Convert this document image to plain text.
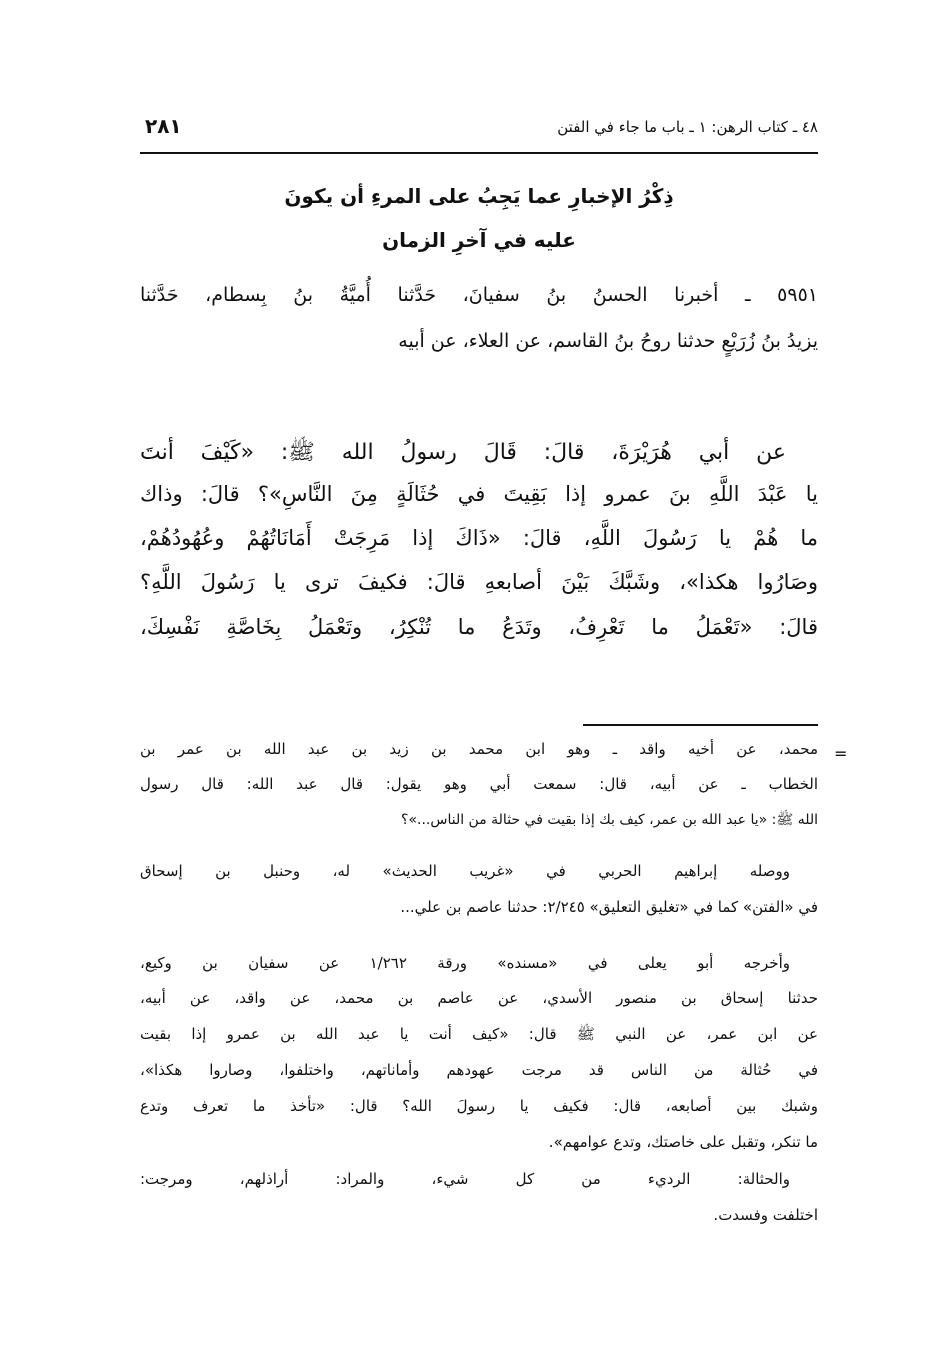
٤٨ ـ كتاب الرهن: ١ ـ باب ما جاء في الفتن
٢٨١
ذِكْرُ الإخبارِ عما يَجِبُ على المرءِ أن يكونَ
عليه في آخرِ الزمان
٥٩٥١ ـ أخبرنا الحسنُ بنُ سفيانَ، حَدَّثنا أُميَّةُ بنُ بِسطام، حَدَّثنا
يزيدُ بنُ زُرَيْعٍ حدثنا روحُ بنُ القاسم، عن العلاء، عن أبيه
عن أبي هُرَيْرَةَ، قالَ: قَالَ رسولُ الله ﷺ: «كَيْفَ أنتَ
يا عَبْدَ اللَّهِ بنَ عمرو إذا بَقِيتَ في حُثَالَةٍ مِنَ النَّاسِ»؟ قالَ: وذاك
ما هُمْ يا رَسُولَ اللَّهِ، قالَ: «ذَاكَ إذا مَرِجَتْ أَمَانَاتُهُمْ وعُهُودُهُمْ،
وصَارُوا هكذا»، وشَبَّكَ بَيْنَ أصابعهِ قالَ: فكيفَ ترى يا رَسُولَ اللَّهِ؟
قالَ: «تَعْمَلُ ما تَعْرِفُ، وتَدَعُ ما تُنْكِرُ، وتَعْمَلُ بِخَاصَّةِ نَفْسِكَ،
=
محمد، عن أخيه واقد ـ وهو ابن محمد بن زيد بن عبد الله بن عمر بن
الخطاب ـ عن أبيه، قال: سمعت أبي وهو يقول: قال عبد الله: قال رسول
الله ﷺ: «يا عبد الله بن عمر، كيف بك إذا بقيت في حثالة من الناس...»؟
ووصله إبراهيم الحربي في «غريب الحديث» له، وحنبل بن إسحاق
في «الفتن» كما في «تغليق التعليق» ٢/٢٤٥: حدثنا عاصم بن علي...
وأخرجه أبو يعلى في «مسنده» ورقة ١/٢٦٢ عن سفيان بن وكيع،
حدثنا إسحاق بن منصور الأسدي، عن عاصم بن محمد، عن واقد، عن أبيه،
عن ابن عمر، عن النبي ﷺ قال: «كيف أنت يا عبد الله بن عمرو إذا بقيت
في حُثالة من الناس قد مرجت عهودهم وأماناتهم، واختلفوا، وصاروا هكذا»،
وشبك بين أصابعه، قال: فكيف يا رسولَ الله؟ قال: «تأخذ ما تعرف وتدع
ما تنكر، وتقبل على خاصتك، وتدع عوامهم».
والحثالة: الرديء من كل شيء، والمراد: أراذلهم، ومرجت:
اختلفت وفسدت.
